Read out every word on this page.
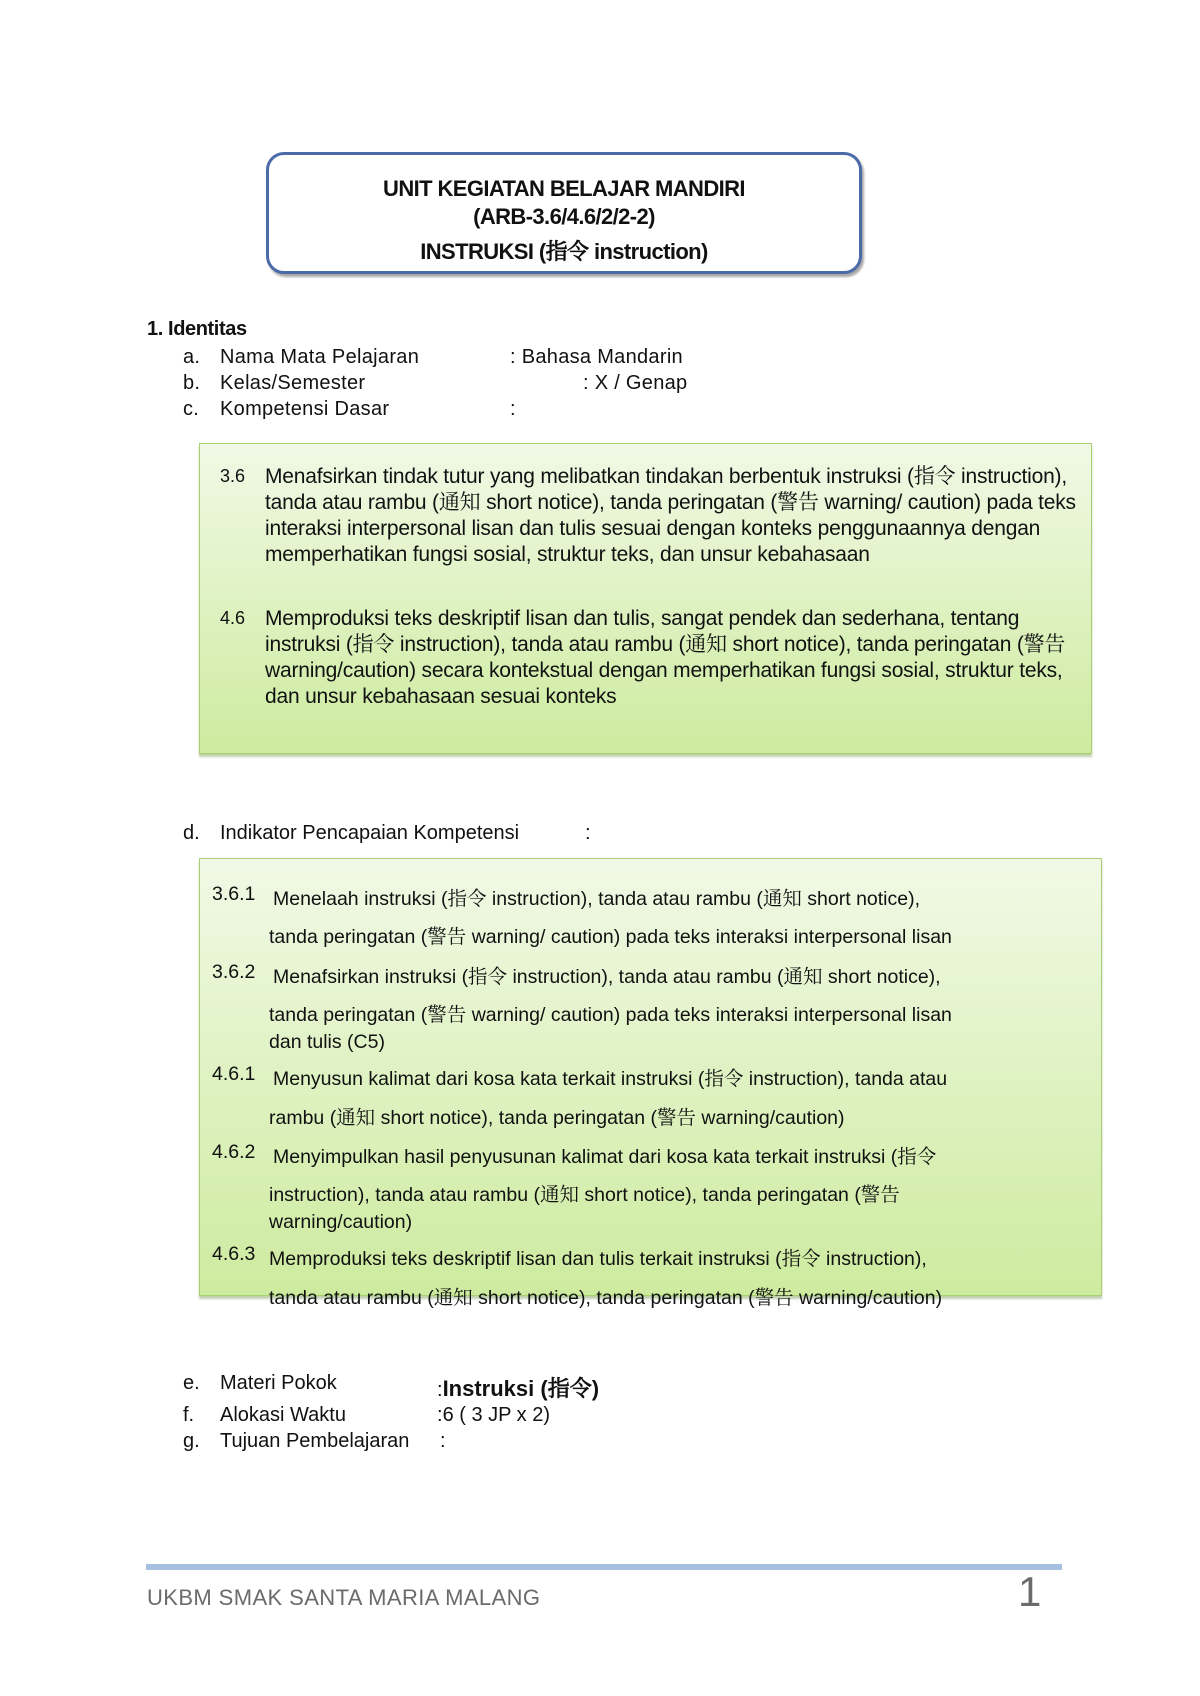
UNIT KEGIATAN BELAJAR MANDIRI
(ARB-3.6/4.6/2/2-2)
INSTRUKSI (指令 instruction)
1. Identitas
a. Nama Mata Pelajaran	: Bahasa Mandarin
b. Kelas/Semester	: X / Genap
c. Kompetensi Dasar	:
3.6 Menafsirkan tindak tutur yang melibatkan tindakan berbentuk instruksi (指令 instruction), tanda atau rambu (通知 short notice), tanda peringatan (警告 warning/ caution) pada teks interaksi interpersonal lisan dan tulis sesuai dengan konteks penggunaannya dengan memperhatikan fungsi sosial, struktur teks, dan unsur kebahasaan
4.6 Memproduksi teks deskriptif lisan dan tulis, sangat pendek dan sederhana, tentang instruksi (指令 instruction), tanda atau rambu (通知 short notice), tanda peringatan (警告 warning/caution) secara kontekstual dengan memperhatikan fungsi sosial, struktur teks, dan unsur kebahasaan sesuai konteks
d. Indikator Pencapaian Kompetensi	:
3.6.1 Menelaah instruksi (指令 instruction), tanda atau rambu (通知 short notice),
tanda peringatan (警告 warning/ caution) pada teks interaksi interpersonal lisan
3.6.2 Menafsirkan instruksi (指令 instruction), tanda atau rambu (通知 short notice),
tanda peringatan (警告 warning/ caution) pada teks interaksi interpersonal lisan
dan tulis (C5)
4.6.1 Menyusun kalimat dari kosa kata terkait instruksi (指令 instruction), tanda atau
rambu (通知 short notice), tanda peringatan (警告 warning/caution)
4.6.2 Menyimpulkan hasil penyusunan kalimat dari kosa kata terkait instruksi (指令
instruction), tanda atau rambu (通知 short notice), tanda peringatan (警告
warning/caution)
4.6.3 Memproduksi teks deskriptif lisan dan tulis terkait instruksi (指令 instruction),
tanda atau rambu (通知 short notice), tanda peringatan (警告 warning/caution)
e. Materi Pokok	:Instruksi (指令)
f. Alokasi Waktu	:6 ( 3 JP x 2)
g. Tujuan Pembelajaran :
UKBM SMAK SANTA MARIA MALANG	1
